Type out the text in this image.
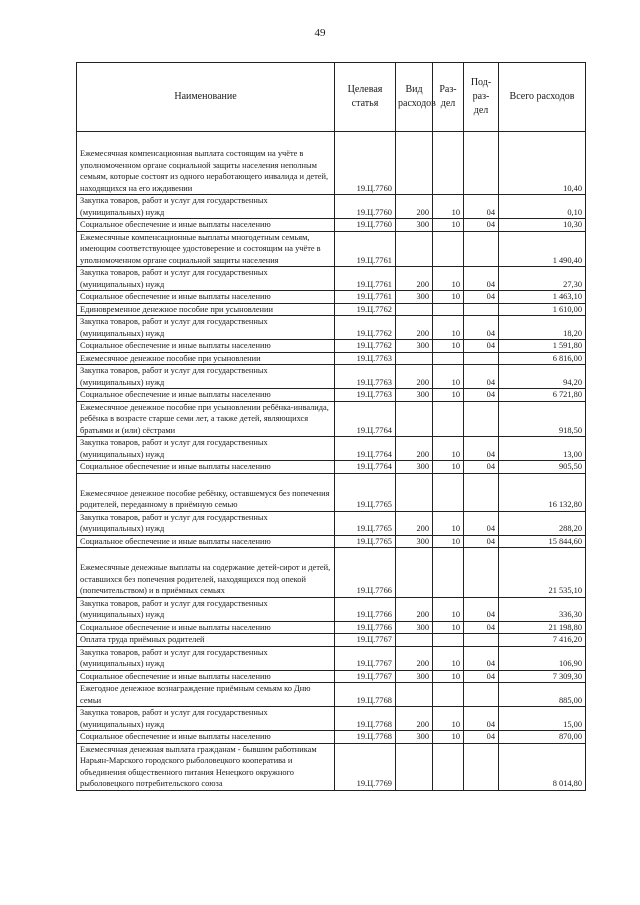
49
Наименование	Целевая статья	Вид расходов	Раз-дел	Под-раз-дел	Всего расходов
Ежемесячная компенсационная выплата состоящим на учёте в уполномоченном органе социальной защиты населения неполным семьям, которые состоят из одного неработающего инвалида и детей, находящихся на его иждивении	19.Ц.7760				10,40
Закупка товаров, работ и услуг для государственных (муниципальных) нужд	19.Ц.7760	200	10	04	0,10
Социальное обеспечение и иные выплаты населению	19.Ц.7760	300	10	04	10,30
Ежемесячные компенсационные выплаты многодетным семьям, имеющим соответствующее удостоверение и состоящим на учёте в уполномоченном органе социальной защиты населения	19.Ц.7761				1 490,40
Закупка товаров, работ и услуг для государственных (муниципальных) нужд	19.Ц.7761	200	10	04	27,30
Социальное обеспечение и иные выплаты населению	19.Ц.7761	300	10	04	1 463,10
Единовременное денежное пособие при усыновлении	19.Ц.7762				1 610,00
Закупка товаров, работ и услуг для государственных (муниципальных) нужд	19.Ц.7762	200	10	04	18,20
Социальное обеспечение и иные выплаты населению	19.Ц.7762	300	10	04	1 591,80
Ежемесячное денежное пособие при усыновлении	19.Ц.7763				6 816,00
Закупка товаров, работ и услуг для государственных (муниципальных) нужд	19.Ц.7763	200	10	04	94,20
Социальное обеспечение и иные выплаты населению	19.Ц.7763	300	10	04	6 721,80
Ежемесячное денежное пособие при усыновлении ребёнка-инвалида, ребёнка в возрасте старше семи лет, а также детей, являющихся братьями и (или) сёстрами	19.Ц.7764				918,50
Закупка товаров, работ и услуг для государственных (муниципальных) нужд	19.Ц.7764	200	10	04	13,00
Социальное обеспечение и иные выплаты населению	19.Ц.7764	300	10	04	905,50
Ежемесячное денежное пособие ребёнку, оставшемуся без попечения родителей, переданному в приёмную семью	19.Ц.7765				16 132,80
Закупка товаров, работ и услуг для государственных (муниципальных) нужд	19.Ц.7765	200	10	04	288,20
Социальное обеспечение и иные выплаты населению	19.Ц.7765	300	10	04	15 844,60
Ежемесячные денежные выплаты на содержание детей-сирот и детей, оставшихся без попечения родителей, находящихся под опекой (попечительством) и в приёмных семьях	19.Ц.7766				21 535,10
Закупка товаров, работ и услуг для государственных (муниципальных) нужд	19.Ц.7766	200	10	04	336,30
Социальное обеспечение и иные выплаты населению	19.Ц.7766	300	10	04	21 198,80
Оплата труда приёмных родителей	19.Ц.7767				7 416,20
Закупка товаров, работ и услуг для государственных (муниципальных) нужд	19.Ц.7767	200	10	04	106,90
Социальное обеспечение и иные выплаты населению	19.Ц.7767	300	10	04	7 309,30
Ежегодное денежное вознаграждение приёмным семьям ко Дню семьи	19.Ц.7768				885,00
Закупка товаров, работ и услуг для государственных (муниципальных) нужд	19.Ц.7768	200	10	04	15,00
Социальное обеспечение и иные выплаты населению	19.Ц.7768	300	10	04	870,00
Ежемесячная денежная выплата гражданам - бывшим работникам Нарьян-Марского городского рыболовецкого кооператива и объединения общественного питания Ненецкого окружного рыболовецкого потребительского союза	19.Ц.7769				8 014,80
